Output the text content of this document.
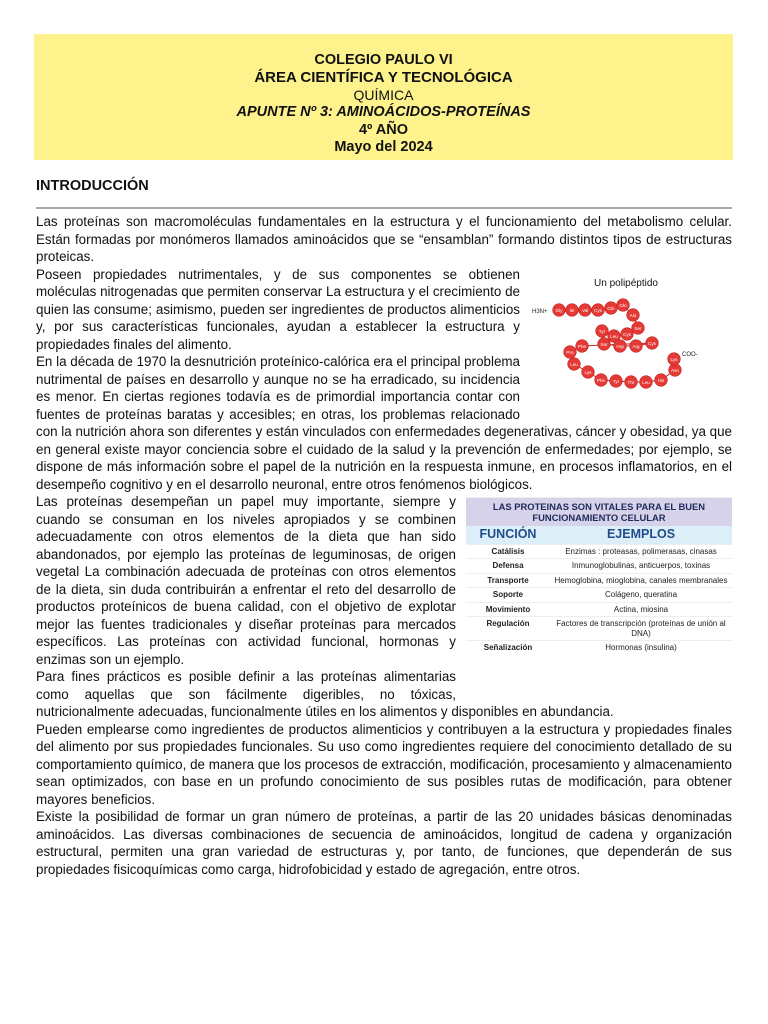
COLEGIO PAULO VI
ÁREA CIENTÍFICA Y TECNOLÓGICA
QUÍMICA
APUNTE Nº 3: AMINOÁCIDOS-PROTEÍNAS
4º AÑO
Mayo del 2024
INTRODUCCIÓN

Las proteínas son macromoléculas fundamentales en la estructura y el funcionamiento del metabolismo celular. Están formadas por monómeros llamados aminoácidos que se “ensamblan” formando distintos tipos de estructuras proteicas.

Un polipéptido
H3N+
COO-
Gly Ile Val Cys Gln
Gln
Ala
Ser
Cys
Leu
Tyr
Ser Asp Arg
Cys
Phe
Pro
Leu
Lys
Phe Tyr Thr Leu His
Asn
Lys

Poseen propiedades nutrimentales, y de sus componentes se obtienen moléculas nitrogenadas que permiten conservar La estructura y el crecimiento de quien las consume; asimismo, pueden ser ingredientes de productos alimenticios y, por sus características funcionales, ayudan a establecer la estructura y propiedades finales del alimento.

En la década de 1970 la desnutrición proteínico-calórica era el principal problema nutrimental de países en desarrollo y aunque no se ha erradicado, su incidencia es menor. En ciertas regiones todavía es de primordial importancia contar con fuentes de proteínas baratas y accesibles; en otras, los problemas relacionado con la nutrición ahora son diferentes y están vinculados con enfermedades degenerativas, cáncer y obesidad, ya que en general existe mayor conciencia sobre el cuidado de la salud y la prevención de enfermedades; por ejemplo, se dispone de más información sobre el papel de la nutrición en la respuesta inmune, en procesos inflamatorios, en el desempeño cognitivo y en el desarrollo neuronal, entre otros fenómenos biológicos.

LAS PROTEINAS SON VITALES PARA EL BUEN FUNCIONAMIENTO CELULAR	
FUNCIÓN	EJEMPLOS
Catálisis	Enzimas : proteasas, polimerasas, cinasas
Defensa	Inmunoglobulinas, anticuerpos, toxinas
Transporte	Hemoglobina, mioglobina, canales membranales
Soporte	Colágeno, queratina
Movimiento	Actina, miosina
Regulación	Factores de transcripción (proteínas de unión al DNA)
Señalización	Hormonas (insulina)

Las proteínas desempeñan un papel muy importante, siempre y cuando se consuman en los niveles apropiados y se combinen adecuadamente con otros elementos de la dieta que han sido abandonados, por ejemplo las proteínas de leguminosas, de origen vegetal La combinación adecuada de proteínas con otros elementos de la dieta, sin duda contribuirán a enfrentar el reto del desarrollo de productos proteínicos de buena calidad, con el objetivo de explotar mejor las fuentes tradicionales y diseñar proteínas para mercados específicos. Las proteínas con actividad funcional, hormonas y enzimas son un ejemplo.

Para fines prácticos es posible definir a las proteínas alimentarias como aquellas que son fácilmente digeribles, no tóxicas, nutricionalmente adecuadas, funcionalmente útiles en los alimentos y disponibles en abundancia.

Pueden emplearse como ingredientes de productos alimenticios y contribuyen a la estructura y propiedades finales del alimento por sus propiedades funcionales. Su uso como ingredientes requiere del conocimiento detallado de su comportamiento químico, de manera que los procesos de extracción, modificación, procesamiento y almacenamiento sean optimizados, con base en un profundo conocimiento de sus posibles rutas de modificación, para obtener mayores beneficios.

Existe la posibilidad de formar un gran número de proteínas, a partir de las 20 unidades básicas denominadas aminoácidos. Las diversas combinaciones de secuencia de aminoácidos, longitud de cadena y organización estructural, permiten una gran variedad de estructuras y, por tanto, de funciones, que dependerán de sus propiedades fisicoquímicas como carga, hidrofobicidad y estado de agregación, entre otros.
